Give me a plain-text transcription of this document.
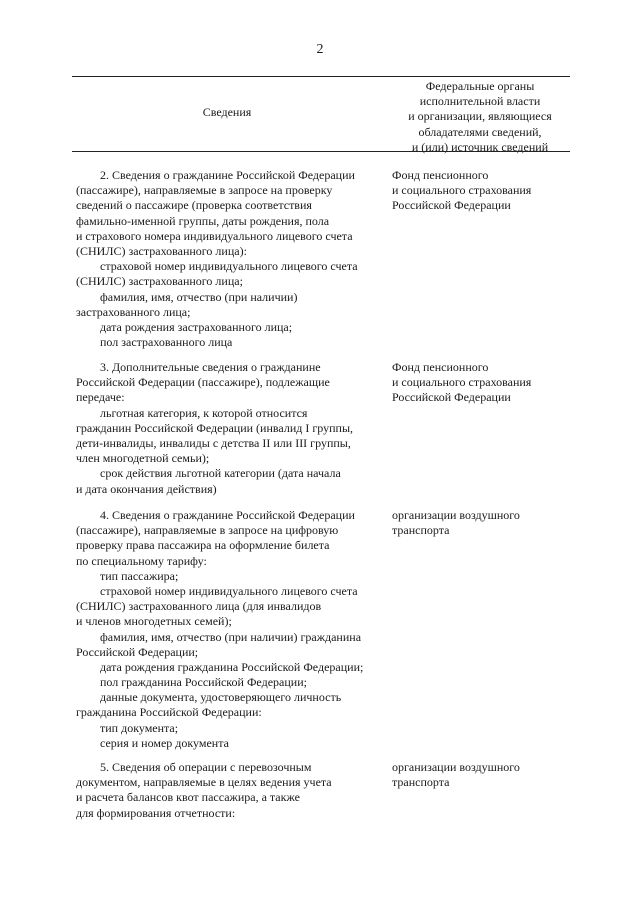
2
Сведения
Федеральные органы
исполнительной власти
и организации, являющиеся
обладателями сведений,
и (или) источник сведений
2. Сведения о гражданине Российской Федерации
(пассажире), направляемые в запросе на проверку
сведений о пассажире (проверка соответствия
фамильно-именной группы, даты рождения, пола
и страхового номера индивидуального лицевого счета
(СНИЛС) застрахованного лица):
страховой номер индивидуального лицевого счета
(СНИЛС) застрахованного лица;
фамилия, имя, отчество (при наличии)
застрахованного лица;
дата рождения застрахованного лица;
пол застрахованного лица
Фонд пенсионного
и социального страхования
Российской Федерации
3. Дополнительные сведения о гражданине
Российской Федерации (пассажире), подлежащие
передаче:
льготная категория, к которой относится
гражданин Российской Федерации (инвалид I группы,
дети-инвалиды, инвалиды с детства II или III группы,
член многодетной семьи);
срок действия льготной категории (дата начала
и дата окончания действия)
Фонд пенсионного
и социального страхования
Российской Федерации
4. Сведения о гражданине Российской Федерации
(пассажире), направляемые в запросе на цифровую
проверку права пассажира на оформление билета
по специальному тарифу:
тип пассажира;
страховой номер индивидуального лицевого счета
(СНИЛС) застрахованного лица (для инвалидов
и членов многодетных семей);
фамилия, имя, отчество (при наличии) гражданина
Российской Федерации;
дата рождения гражданина Российской Федерации;
пол гражданина Российской Федерации;
данные документа, удостоверяющего личность
гражданина Российской Федерации:
тип документа;
серия и номер документа
организации воздушного
транспорта
5. Сведения об операции с перевозочным
документом, направляемые в целях ведения учета
и расчета балансов квот пассажира, а также
для формирования отчетности:
организации воздушного
транспорта
